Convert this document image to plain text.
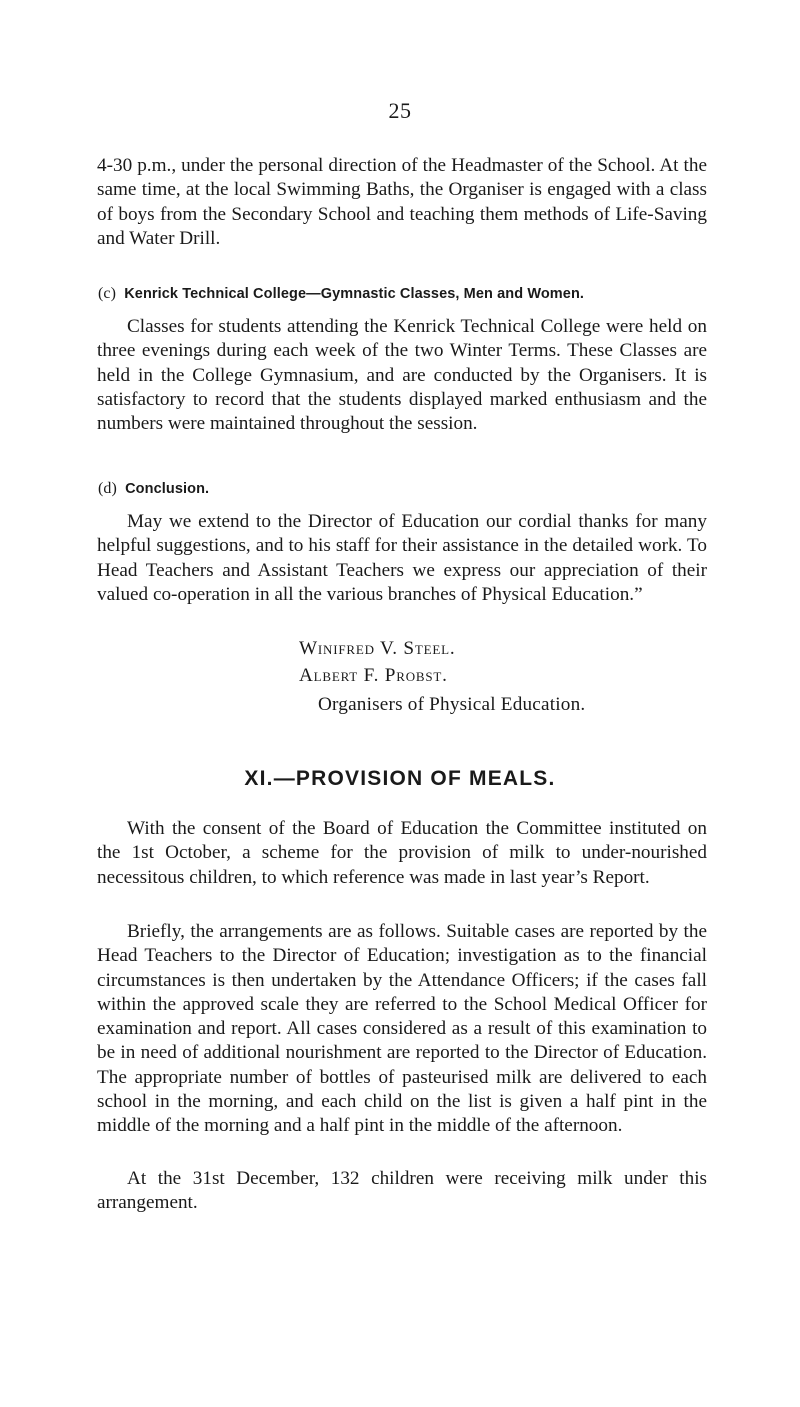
25

4-30 p.m., under the personal direction of the Headmaster of the School. At the same time, at the local Swimming Baths, the Organiser is engaged with a class of boys from the Secondary School and teaching them methods of Life-Saving and Water Drill.

(c) Kenrick Technical College—Gymnastic Classes, Men and Women.

Classes for students attending the Kenrick Technical College were held on three evenings during each week of the two Winter Terms. These Classes are held in the College Gymnasium, and are conducted by the Organisers. It is satisfactory to record that the students displayed marked enthusiasm and the numbers were maintained throughout the session.

(d) Conclusion.

May we extend to the Director of Education our cordial thanks for many helpful suggestions, and to his staff for their assistance in the detailed work. To Head Teachers and Assistant Teachers we express our appreciation of their valued co-operation in all the various branches of Physical Education.”

Winifred V. Steel.
Albert F. Probst.
Organisers of Physical Education.
XI.—PROVISION OF MEALS.

With the consent of the Board of Education the Committee instituted on the 1st October, a scheme for the provision of milk to under-nourished necessitous children, to which reference was made in last year’s Report.

Briefly, the arrangements are as follows. Suitable cases are reported by the Head Teachers to the Director of Education; investigation as to the financial circumstances is then undertaken by the Attendance Officers; if the cases fall within the approved scale they are referred to the School Medical Officer for examination and report. All cases considered as a result of this examination to be in need of additional nourishment are reported to the Director of Education. The appropriate number of bottles of pasteurised milk are delivered to each school in the morning, and each child on the list is given a half pint in the middle of the morning and a half pint in the middle of the afternoon.

At the 31st December, 132 children were receiving milk under this arrangement.
